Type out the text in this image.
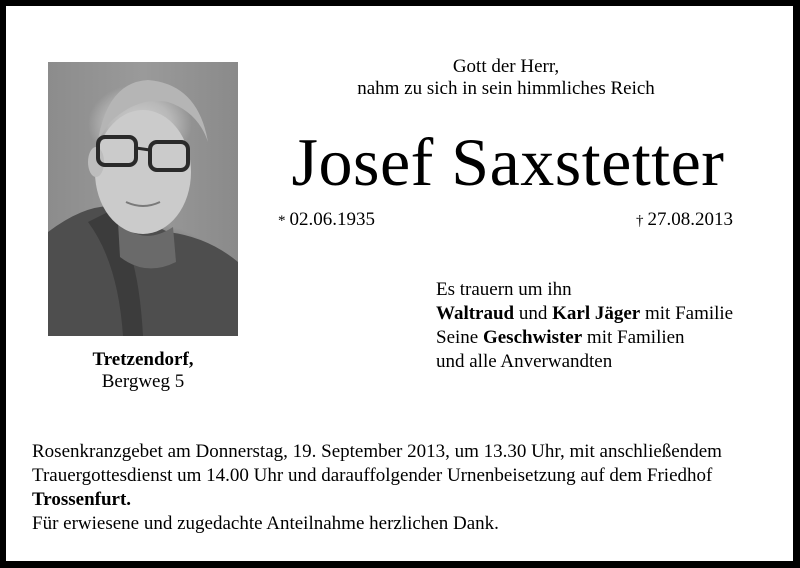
Tretzendorf,
Bergweg 5
Gott der Herr,
nahm zu sich in sein himmliches Reich
Josef Saxstetter
* 02.06.1935	† 27.08.2013
Es trauern um ihn
Waltraud und Karl Jäger mit Familie
Seine Geschwister mit Familien
und alle Anverwandten
Rosenkranzgebet am Donnerstag, 19. September 2013, um 13.30 Uhr, mit anschließendem
Trauergottesdienst um 14.00 Uhr und darauffolgender Urnenbeisetzung auf dem Friedhof
Trossenfurt.
Für erwiesene und zugedachte Anteilnahme herzlichen Dank.
